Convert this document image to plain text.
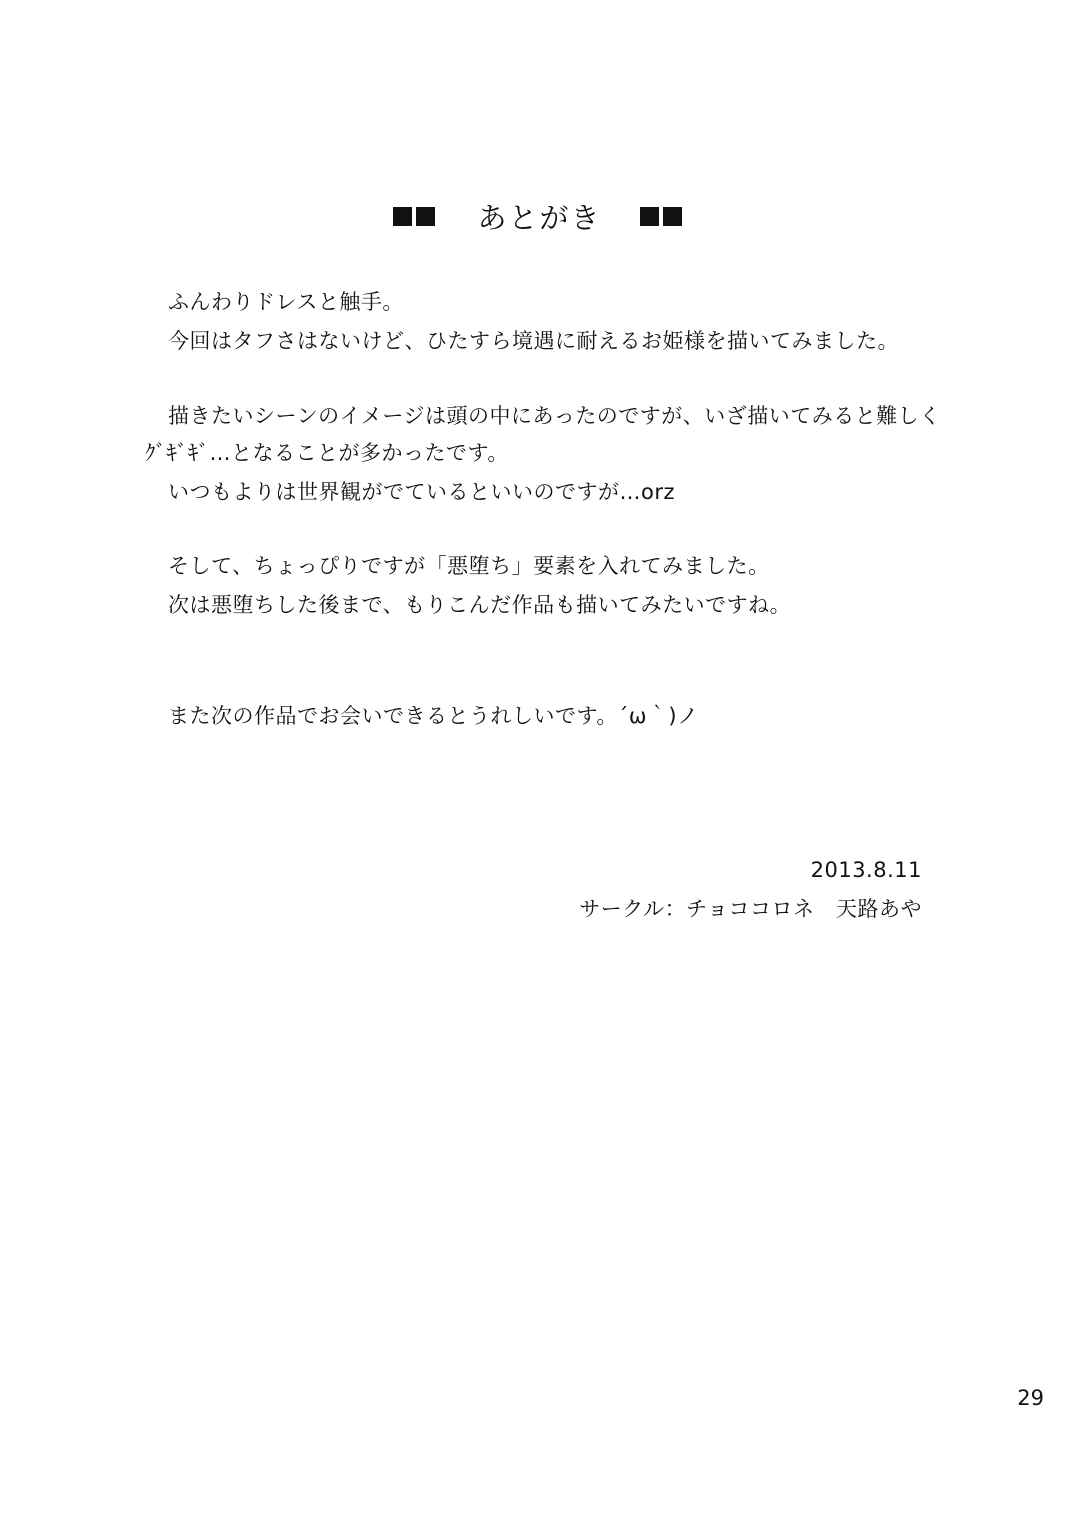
あとがき
ふんわりドレスと触手。
今回はタフさはないけど、ひたすら境遇に耐えるお姫様を描いてみました。
描きたいシーンのイメージは頭の中にあったのですが、いざ描いてみると難しく
ｸﾞｷﾞｷﾞ…となることが多かったです。
いつもよりは世界観がでているといいのですが…orz
そして、ちょっぴりですが「悪堕ち」要素を入れてみました。
次は悪堕ちした後まで、もりこんだ作品も描いてみたいですね。
また次の作品でお会いできるとうれしいです。´ω｀)ノ
2013.8.11
サークル：チョココロネ　天路あや
29
